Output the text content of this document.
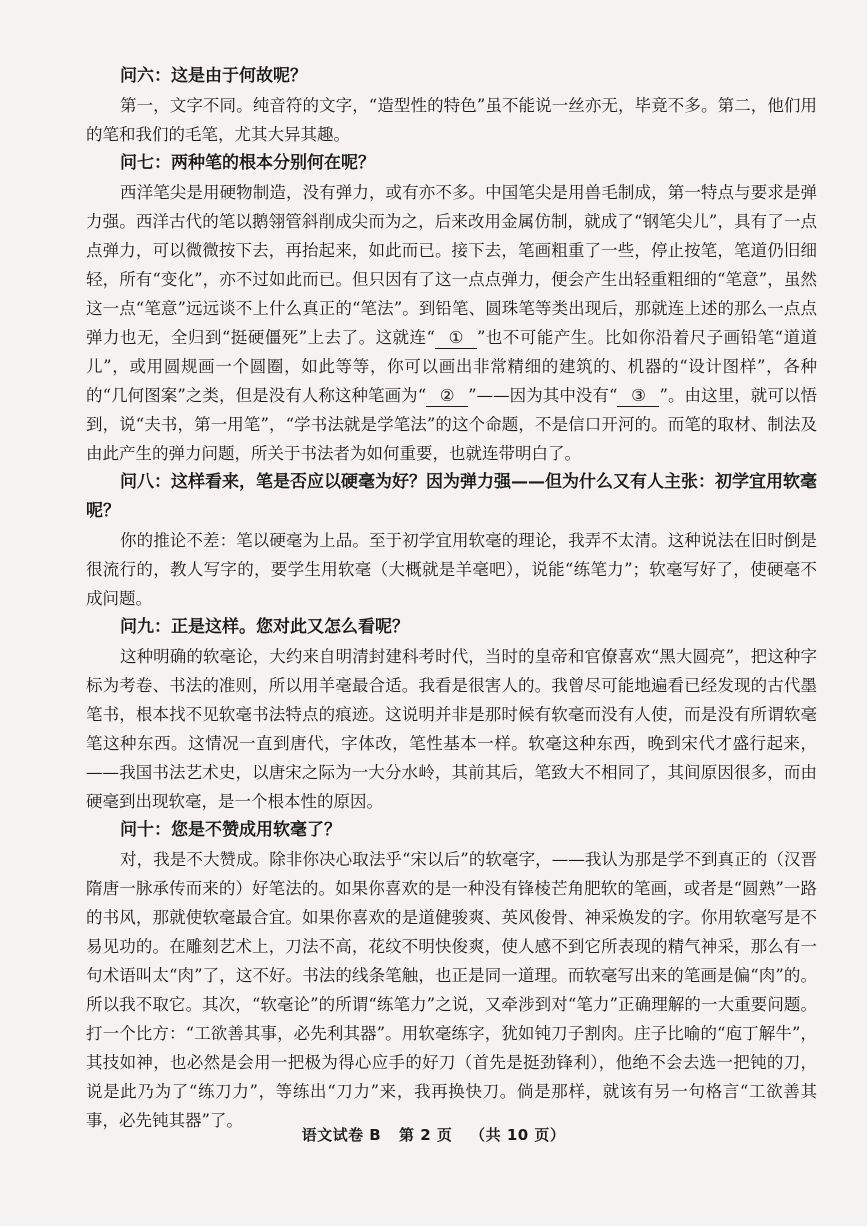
问六：这是由于何故呢？

第一，文字不同。纯音符的文字，“造型性的特色”虽不能说一丝亦无，毕竟不多。第二，他们用的笔和我们的毛笔，尤其大异其趣。

问七：两种笔的根本分别何在呢？

西洋笔尖是用硬物制造，没有弹力，或有亦不多。中国笔尖是用兽毛制成，第一特点与要求是弹力强。西洋古代的笔以鹅翎管斜削成尖而为之，后来改用金属仿制，就成了“钢笔尖儿”，具有了一点点弹力，可以微微按下去，再抬起来，如此而已。接下去，笔画粗重了一些，停止按笔，笔道仍旧细轻，所有“变化”，亦不过如此而已。但只因有了这一点点弹力，便会产生出轻重粗细的“笔意”，虽然这一点“笔意”远远谈不上什么真正的“笔法”。到铅笔、圆珠笔等类出现后，那就连上述的那么一点点弹力也无，全归到“挺硬僵死”上去了。这就连“ ① ”也不可能产生。比如你沿着尺子画铅笔“道道儿”，或用圆规画一个圆圈，如此等等，你可以画出非常精细的建筑的、机器的“设计图样”，各种的“几何图案”之类，但是没有人称这种笔画为“ ② ”——因为其中没有“ ③ ”。由这里，就可以悟到，说“夫书，第一用笔”，“学书法就是学笔法”的这个命题，不是信口开河的。而笔的取材、制法及由此产生的弹力问题，所关于书法者为如何重要，也就连带明白了。

问八：这样看来，笔是否应以硬毫为好？因为弹力强——但为什么又有人主张：初学宜用软毫呢？

你的推论不差：笔以硬毫为上品。至于初学宜用软毫的理论，我弄不太清。这种说法在旧时倒是很流行的，教人写字的，要学生用软毫（大概就是羊毫吧），说能“练笔力”；软毫写好了，使硬毫不成问题。

问九：正是这样。您对此又怎么看呢？

这种明确的软毫论，大约来自明清封建科考时代，当时的皇帝和官僚喜欢“黑大圆亮”，把这种字标为考卷、书法的准则，所以用羊毫最合适。我看是很害人的。我曾尽可能地遍看已经发现的古代墨笔书，根本找不见软毫书法特点的痕迹。这说明并非是那时候有软毫而没有人使，而是没有所谓软毫笔这种东西。这情况一直到唐代，字体改，笔性基本一样。软毫这种东西，晚到宋代才盛行起来，——我国书法艺术史，以唐宋之际为一大分水岭，其前其后，笔致大不相同了，其间原因很多，而由硬毫到出现软毫，是一个根本性的原因。

问十：您是不赞成用软毫了？

对，我是不大赞成。除非你决心取法乎“宋以后”的软毫字，——我认为那是学不到真正的（汉晋隋唐一脉承传而来的）好笔法的。如果你喜欢的是一种没有锋棱芒角肥软的笔画，或者是“圆熟”一路的书风，那就使软毫最合宜。如果你喜欢的是道健骏爽、英风俊骨、神采焕发的字。你用软毫写是不易见功的。在雕刻艺术上，刀法不高，花纹不明快俊爽，使人感不到它所表现的精气神采，那么有一句术语叫太“肉”了，这不好。书法的线条笔触，也正是同一道理。而软毫写出来的笔画是偏“肉”的。所以我不取它。其次，“软毫论”的所谓“练笔力”之说，又牵涉到对“笔力”正确理解的一大重要问题。打一个比方：“工欲善其事，必先利其器”。用软毫练字，犹如钝刀子割肉。庄子比喻的“庖丁解牛”，其技如神，也必然是会用一把极为得心应手的好刀（首先是挺劲锋利），他绝不会去选一把钝的刀，说是此乃为了“练刀力”，等练出“刀力”来，我再换快刀。倘是那样，就该有另一句格言“工欲善其事，必先钝其器”了。

语文试卷 B 第 2 页 （共 10 页）
